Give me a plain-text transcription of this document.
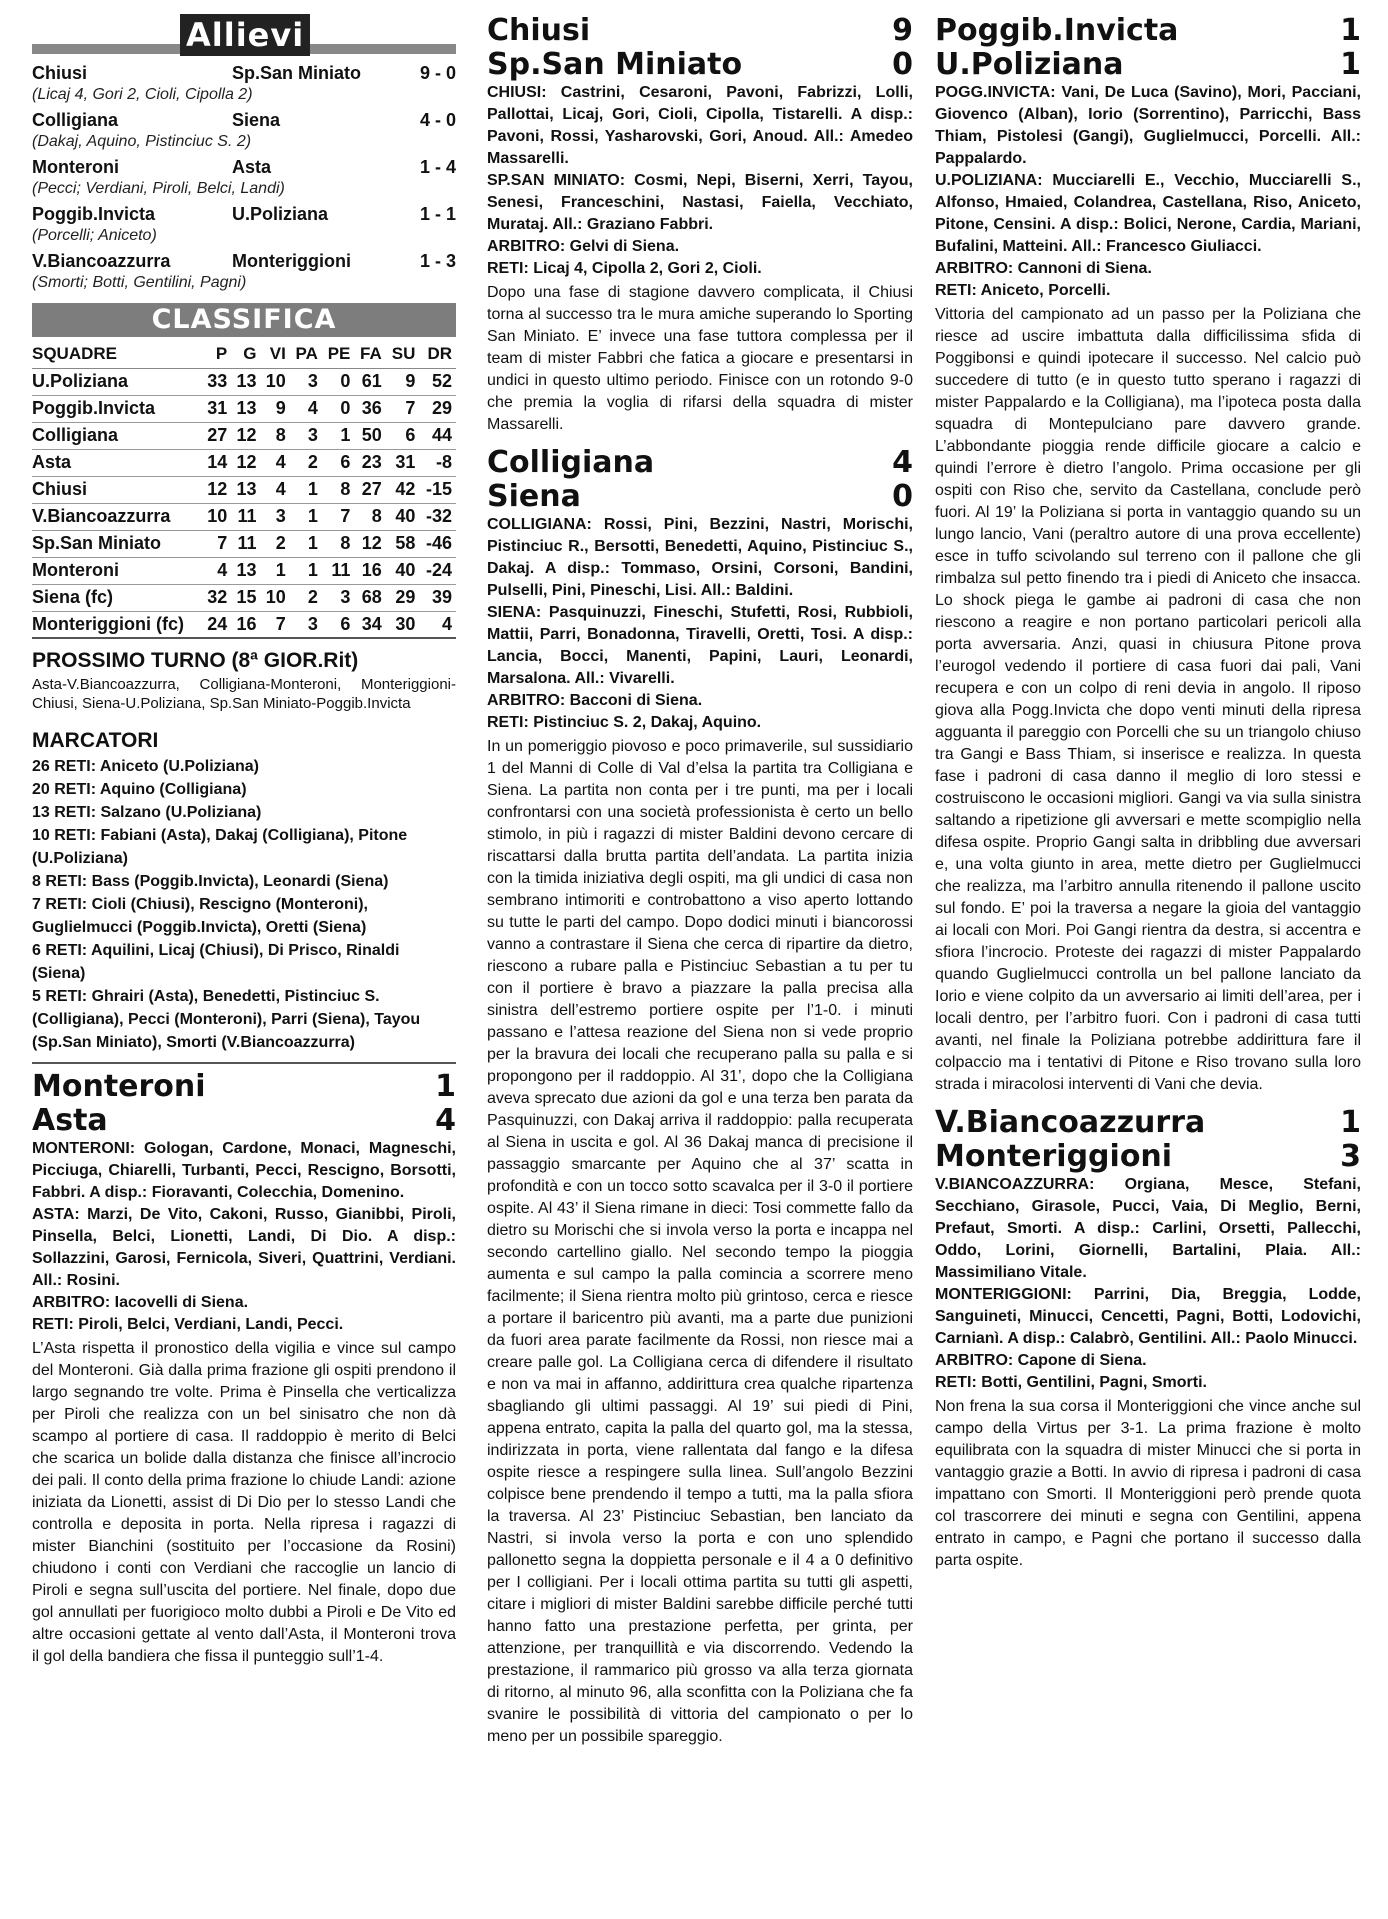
Allievi
Chiusi	Sp.San Miniato	9 - 0
(Licaj 4, Gori 2, Cioli, Cipolla 2)
Colligiana	Siena	4 - 0
(Dakaj, Aquino, Pistinciuc S. 2)
Monteroni	Asta	1 - 4
(Pecci; Verdiani, Piroli, Belci, Landi)
Poggib.Invicta	U.Poliziana	1 - 1
(Porcelli; Aniceto)
V.Biancoazzurra	Monteriggioni	1 - 3
(Smorti; Botti, Gentilini, Pagni)
CLASSIFICA
SQUADRE	P	G	VI	PA	PE	FA	SU	DR
U.Poliziana	33	13	10	3	0	61	9	52
Poggib.Invicta	31	13	9	4	0	36	7	29
Colligiana	27	12	8	3	1	50	6	44
Asta	14	12	4	2	6	23	31	-8
Chiusi	12	13	4	1	8	27	42	-15
V.Biancoazzurra	10	11	3	1	7	8	40	-32
Sp.San Miniato	7	11	2	1	8	12	58	-46
Monteroni	4	13	1	1	11	16	40	-24
Siena (fc)	32	15	10	2	3	68	29	39
Monteriggioni (fc)	24	16	7	3	6	34	30	4
PROSSIMO TURNO (8ª GIOR.Rit)
Asta-V.Biancoazzurra, Colligiana-Monteroni, Monteriggioni-Chiusi, Siena-U.Poliziana, Sp.San Miniato-Poggib.Invicta
MARCATORI
26 RETI: Aniceto (U.Poliziana)
20 RETI: Aquino (Colligiana)
13 RETI: Salzano (U.Poliziana)
10 RETI: Fabiani (Asta), Dakaj (Colligiana), Pitone (U.Poliziana)
8 RETI: Bass (Poggib.Invicta), Leonardi (Siena)
7 RETI: Cioli (Chiusi), Rescigno (Monteroni), Guglielmucci (Poggib.Invicta), Oretti (Siena)
6 RETI: Aquilini, Licaj (Chiusi), Di Prisco, Rinaldi (Siena)
5 RETI: Ghrairi (Asta), Benedetti, Pistinciuc S. (Colligiana), Pecci (Monteroni), Parri (Siena), Tayou (Sp.San Miniato), Smorti (V.Biancoazzurra)
Monteroni	1
Asta	4
MONTERONI: Gologan, Cardone, Monaci, Magneschi, Picciuga, Chiarelli, Turbanti, Pecci, Rescigno, Borsotti, Fabbri. A disp.: Fioravanti, Colecchia, Domenino.
ASTA: Marzi, De Vito, Cakoni, Russo, Gianibbi, Piroli, Pinsella, Belci, Lionetti, Landi, Di Dio. A disp.: Sollazzini, Garosi, Fernicola, Siveri, Quattrini, Verdiani. All.: Rosini.
ARBITRO: Iacovelli di Siena.
RETI: Piroli, Belci, Verdiani, Landi, Pecci.
L’Asta rispetta il pronostico della vigilia e vince sul campo del Monteroni. Già dalla prima frazione gli ospiti prendono il largo segnando tre volte. Prima è Pinsella che verticalizza per Piroli che realizza con un bel sinisatro che non dà scampo al portiere di casa. Il raddoppio è merito di Belci che scarica un bolide dalla distanza che finisce all’incrocio dei pali. Il conto della prima frazione lo chiude Landi: azione iniziata da Lionetti, assist di Di Dio per lo stesso Landi che controlla e deposita in porta. Nella ripresa i ragazzi di mister Bianchini (sostituito per l’occasione da Rosini) chiudono i conti con Verdiani che raccoglie un lancio di Piroli e segna sull’uscita del portiere. Nel finale, dopo due gol annullati per fuorigioco molto dubbi a Piroli e De Vito ed altre occasioni gettate al vento dall’Asta, il Monteroni trova il gol della bandiera che fissa il punteggio sull’1-4.
Chiusi	9
Sp.San Miniato	0
CHIUSI: Castrini, Cesaroni, Pavoni, Fabrizzi, Lolli, Pallottai, Licaj, Gori, Cioli, Cipolla, Tistarelli. A disp.: Pavoni, Rossi, Yasharovski, Gori, Anoud. All.: Amedeo Massarelli.
SP.SAN MINIATO: Cosmi, Nepi, Biserni, Xerri, Tayou, Senesi, Franceschini, Nastasi, Faiella, Vecchiato, Murataj. All.: Graziano Fabbri.
ARBITRO: Gelvi di Siena.
RETI: Licaj 4, Cipolla 2, Gori 2, Cioli.
Dopo una fase di stagione davvero complicata, il Chiusi torna al successo tra le mura amiche superando lo Sporting San Miniato. E’ invece una fase tuttora complessa per il team di mister Fabbri che fatica a giocare e presentarsi in undici in questo ultimo periodo. Finisce con un rotondo 9-0 che premia la voglia di rifarsi della squadra di mister Massarelli.
Colligiana	4
Siena	0
COLLIGIANA: Rossi, Pini, Bezzini, Nastri, Morischi, Pistinciuc R., Bersotti, Benedetti, Aquino, Pistinciuc S., Dakaj. A disp.: Tommaso, Orsini, Corsoni, Bandini, Pulselli, Pini, Pineschi, Lisi. All.: Baldini.
SIENA: Pasquinuzzi, Fineschi, Stufetti, Rosi, Rubbioli, Mattii, Parri, Bonadonna, Tiravelli, Oretti, Tosi. A disp.: Lancia, Bocci, Manenti, Papini, Lauri, Leonardi, Marsalona. All.: Vivarelli.
ARBITRO: Bacconi di Siena.
RETI: Pistinciuc S. 2, Dakaj, Aquino.
In un pomeriggio piovoso e poco primaverile, sul sussidiario 1 del Manni di Colle di Val d’elsa la partita tra Colligiana e Siena. La partita non conta per i tre punti, ma per i locali confrontarsi con una società professionista è certo un bello stimolo, in più i ragazzi di mister Baldini devono cercare di riscattarsi dalla brutta partita dell’andata. La partita inizia con la timida iniziativa degli ospiti, ma gli undici di casa non sembrano intimoriti e controbattono a viso aperto lottando su tutte le parti del campo. Dopo dodici minuti i biancorossi vanno a contrastare il Siena che cerca di ripartire da dietro, riescono a rubare palla e Pistinciuc Sebastian a tu per tu con il portiere è bravo a piazzare la palla precisa alla sinistra dell’estremo portiere ospite per l’1-0. i minuti passano e l’attesa reazione del Siena non si vede proprio per la bravura dei locali che recuperano palla su palla e si propongono per il raddoppio. Al 31’, dopo che la Colligiana aveva sprecato due azioni da gol e una terza ben parata da Pasquinuzzi, con Dakaj arriva il raddoppio: palla recuperata al Siena in uscita e gol. Al 36 Dakaj manca di precisione il passaggio smarcante per Aquino che al 37’ scatta in profondità e con un tocco sotto scavalca per il 3-0 il portiere ospite. Al 43’ il Siena rimane in dieci: Tosi commette fallo da dietro su Morischi che si invola verso la porta e incappa nel secondo cartellino giallo. Nel secondo tempo la pioggia aumenta e sul campo la palla comincia a scorrere meno facilmente; il Siena rientra molto più grintoso, cerca e riesce a portare il baricentro più avanti, ma a parte due punizioni da fuori area parate facilmente da Rossi, non riesce mai a creare palle gol. La Colligiana cerca di difendere il risultato e non va mai in affanno, addirittura crea qualche ripartenza sbagliando gli ultimi passaggi. Al 19’ sui piedi di Pini, appena entrato, capita la palla del quarto gol, ma la stessa, indirizzata in porta, viene rallentata dal fango e la difesa ospite riesce a respingere sulla linea. Sull’angolo Bezzini colpisce bene prendendo il tempo a tutti, ma la palla sfiora la traversa. Al 23’ Pistinciuc Sebastian, ben lanciato da Nastri, si invola verso la porta e con uno splendido pallonetto segna la doppietta personale e il 4 a 0 definitivo per I colligiani. Per i locali ottima partita su tutti gli aspetti, citare i migliori di mister Baldini sarebbe difficile perché tutti hanno fatto una prestazione perfetta, per grinta, per attenzione, per tranquillità e via discorrendo. Vedendo la prestazione, il rammarico più grosso va alla terza giornata di ritorno, al minuto 96, alla sconfitta con la Poliziana che fa svanire le possibilità di vittoria del campionato o per lo meno per un possibile spareggio.
Poggib.Invicta	1
U.Poliziana	1
POGG.INVICTA: Vani, De Luca (Savino), Mori, Pacciani, Giovenco (Alban), Iorio (Sorrentino), Parricchi, Bass Thiam, Pistolesi (Gangi), Guglielmucci, Porcelli. All.: Pappalardo.
U.POLIZIANA: Mucciarelli E., Vecchio, Mucciarelli S., Alfonso, Hmaied, Colandrea, Castellana, Riso, Aniceto, Pitone, Censini. A disp.: Bolici, Nerone, Cardia, Mariani, Bufalini, Matteini. All.: Francesco Giuliacci.
ARBITRO: Cannoni di Siena.
RETI: Aniceto, Porcelli.
Vittoria del campionato ad un passo per la Poliziana che riesce ad uscire imbattuta dalla difficilissima sfida di Poggibonsi e quindi ipotecare il successo. Nel calcio può succedere di tutto (e in questo tutto sperano i ragazzi di mister Pappalardo e la Colligiana), ma l’ipoteca posta dalla squadra di Montepulciano pare davvero grande. L’abbondante pioggia rende difficile giocare a calcio e quindi l’errore è dietro l’angolo. Prima occasione per gli ospiti con Riso che, servito da Castellana, conclude però fuori. Al 19’ la Poliziana si porta in vantaggio quando su un lungo lancio, Vani (peraltro autore di una prova eccellente) esce in tuffo scivolando sul terreno con il pallone che gli rimbalza sul petto finendo tra i piedi di Aniceto che insacca. Lo shock piega le gambe ai padroni di casa che non riescono a reagire e non portano particolari pericoli alla porta avversaria. Anzi, quasi in chiusura Pitone prova l’eurogol vedendo il portiere di casa fuori dai pali, Vani recupera e con un colpo di reni devia in angolo. Il riposo giova alla Pogg.Invicta che dopo venti minuti della ripresa agguanta il pareggio con Porcelli che su un triangolo chiuso tra Gangi e Bass Thiam, si inserisce e realizza. In questa fase i padroni di casa danno il meglio di loro stessi e costruiscono le occasioni migliori. Gangi va via sulla sinistra saltando a ripetizione gli avversari e mette scompiglio nella difesa ospite. Proprio Gangi salta in dribbling due avversari e, una volta giunto in area, mette dietro per Guglielmucci che realizza, ma l’arbitro annulla ritenendo il pallone uscito sul fondo. E’ poi la traversa a negare la gioia del vantaggio ai locali con Mori. Poi Gangi rientra da destra, si accentra e sfiora l’incrocio. Proteste dei ragazzi di mister Pappalardo quando Guglielmucci controlla un bel pallone lanciato da Iorio e viene colpito da un avversario ai limiti dell’area, per i locali dentro, per l’arbitro fuori. Con i padroni di casa tutti avanti, nel finale la Poliziana potrebbe addirittura fare il colpaccio ma i tentativi di Pitone e Riso trovano sulla loro strada i miracolosi interventi di Vani che devia.
V.Biancoazzurra	1
Monteriggioni	3
V.BIANCOAZZURRA: Orgiana, Mesce, Stefani, Secchiano, Girasole, Pucci, Vaia, Di Meglio, Berni, Prefaut, Smorti. A disp.: Carlini, Orsetti, Pallecchi, Oddo, Lorini, Giornelli, Bartalini, Plaia. All.: Massimiliano Vitale.
MONTERIGGIONI: Parrini, Dia, Breggia, Lodde, Sanguineti, Minucci, Cencetti, Pagni, Botti, Lodovichi, Carnianì. A disp.: Calabrò, Gentilini. All.: Paolo Minucci.
ARBITRO: Capone di Siena.
RETI: Botti, Gentilini, Pagni, Smorti.
Non frena la sua corsa il Monteriggioni che vince anche sul campo della Virtus per 3-1. La prima frazione è molto equilibrata con la squadra di mister Minucci che si porta in vantaggio grazie a Botti. In avvio di ripresa i padroni di casa impattano con Smorti. Il Monteriggioni però prende quota col trascorrere dei minuti e segna con Gentilini, appena entrato in campo, e Pagni che portano il successo dalla parta ospite.
